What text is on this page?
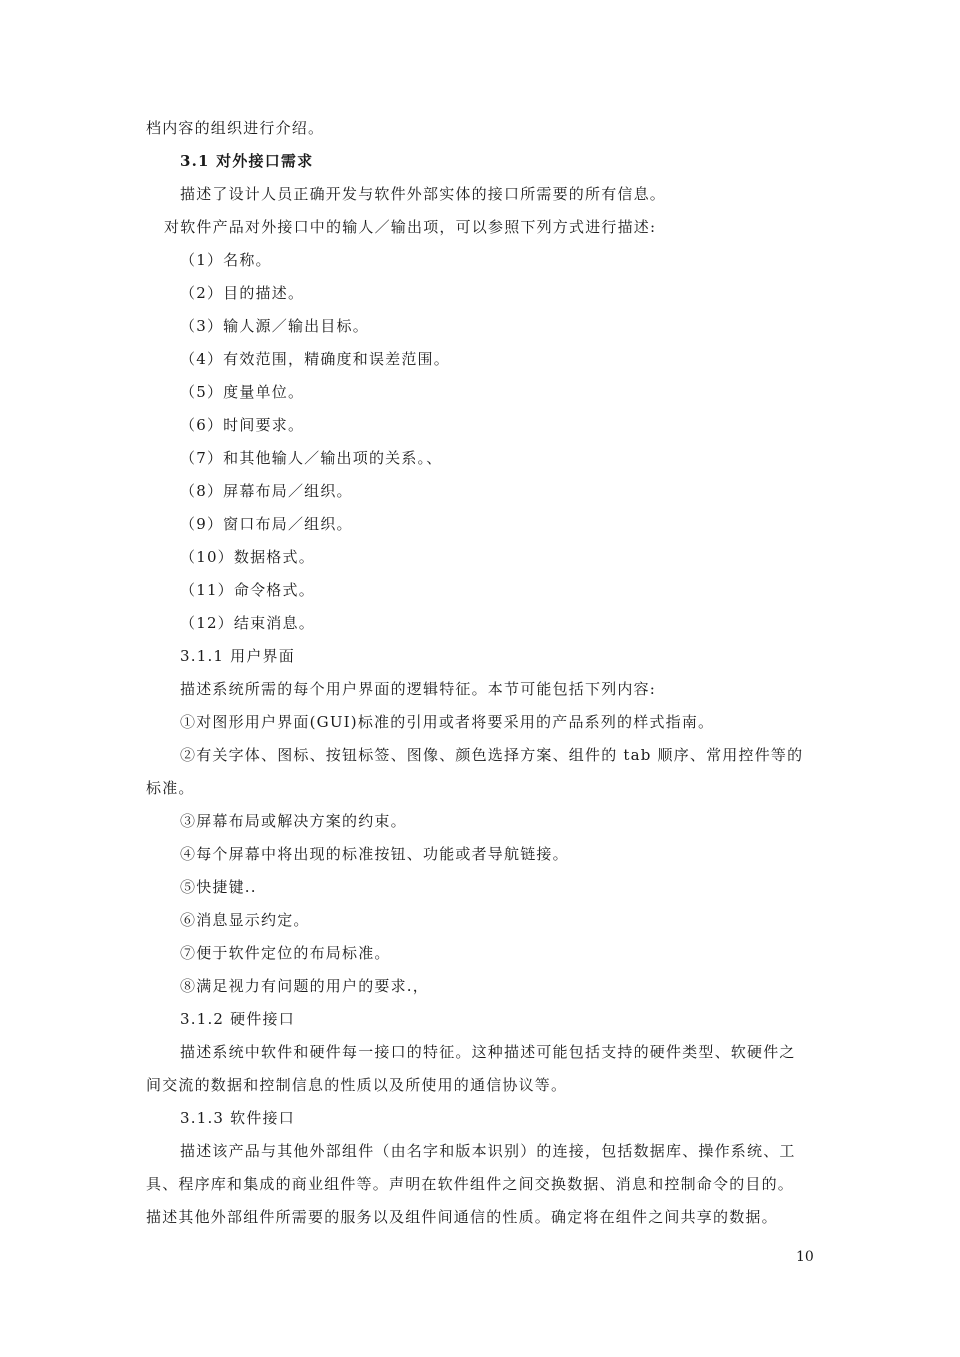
档内容的组织进行介绍。
3.1 对外接口需求
描述了设计人员正确开发与软件外部实体的接口所需要的所有信息。
对软件产品对外接口中的输人／输出项，可以参照下列方式进行描述:
（1）名称。
（2）目的描述。
（3）输人源／输出目标。
（4）有效范围，精确度和误差范围。
（5）度量单位。
（6）时间要求。
（7）和其他输人／输出项的关系。、
（8）屏幕布局／组织。
（9）窗口布局／组织。
（10）数据格式。
（11）命令格式。
（12）结束消息。
3.1.1 用户界面
描述系统所需的每个用户界面的逻辑特征。本节可能包括下列内容:
①对图形用户界面(GUI)标准的引用或者将要采用的产品系列的样式指南。
②有关字体、图标、按钮标签、图像、颜色选择方案、组件的 tab 顺序、常用控件等的
标准。
③屏幕布局或解决方案的约束。
④每个屏幕中将出现的标准按钮、功能或者导航链接。
⑤快捷键..
⑥消息显示约定。
⑦便于软件定位的布局标准。
⑧满足视力有问题的用户的要求.，
3.1.2 硬件接口
描述系统中软件和硬件每一接口的特征。这种描述可能包括支持的硬件类型、软硬件之
间交流的数据和控制信息的性质以及所使用的通信协议等。
3.1.3 软件接口
描述该产品与其他外部组件（由名字和版本识别）的连接，包括数据库、操作系统、工
具、程序库和集成的商业组件等。声明在软件组件之间交换数据、消息和控制命令的目的。
描述其他外部组件所需要的服务以及组件间通信的性质。确定将在组件之间共享的数据。
10
